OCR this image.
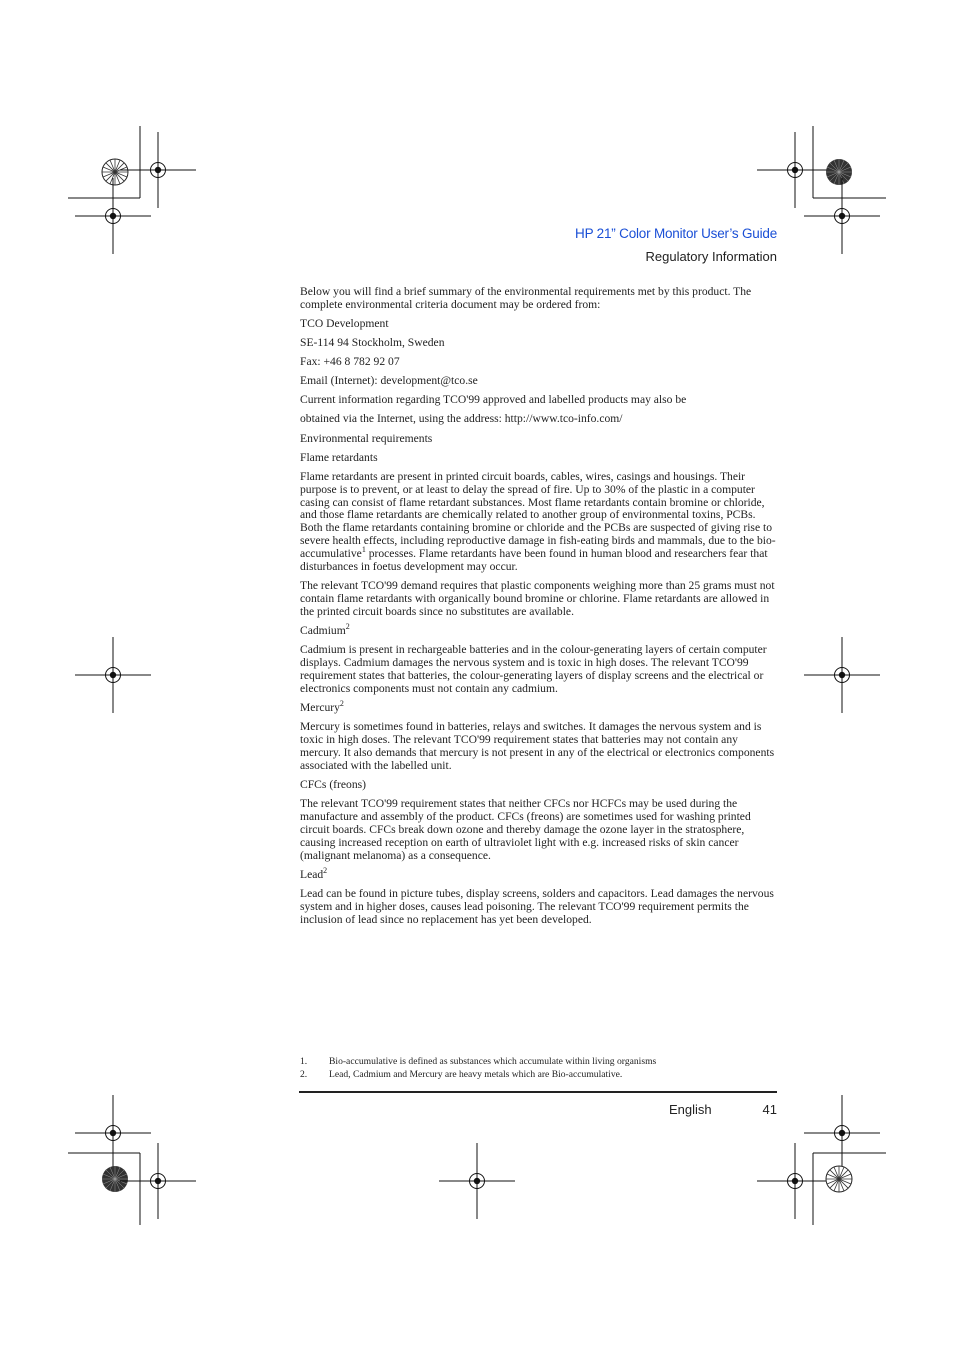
HP 21” Color Monitor User’s Guide
Regulatory Information

Below you will find a brief summary of the environmental requirements met by this product. The complete environmental criteria document may be ordered from:

TCO Development

SE-114 94 Stockholm, Sweden

Fax: +46 8 782 92 07

Email (Internet): development@tco.se

Current information regarding TCO'99 approved and labelled products may also be

obtained via the Internet, using the address: http://www.tco-info.com/

Environmental requirements

Flame retardants

Flame retardants are present in printed circuit boards, cables, wires, casings and housings. Their purpose is to prevent, or at least to delay the spread of fire. Up to 30% of the plastic in a computer casing can consist of flame retardant substances. Most flame retardants contain bromine or chloride, and those flame retardants are chemically related to another group of environmental toxins, PCBs. Both the flame retardants containing bromine or chloride and the PCBs are suspected of giving rise to severe health effects, including reproductive damage in fish-eating birds and mammals, due to the bio-accumulative$^1$ processes. Flame retardants have been found in human blood and researchers fear that disturbances in foetus development may occur.

The relevant TCO'99 demand requires that plastic components weighing more than 25 grams must not contain flame retardants with organically bound bromine or chlorine. Flame retardants are allowed in the printed circuit boards since no substitutes are available.

Cadmium$^2$

Cadmium is present in rechargeable batteries and in the colour-generating layers of certain computer displays. Cadmium damages the nervous system and is toxic in high doses. The relevant TCO'99 requirement states that batteries, the colour-generating layers of display screens and the electrical or electronics components must not contain any cadmium.

Mercury$^2$

Mercury is sometimes found in batteries, relays and switches. It damages the nervous system and is toxic in high doses. The relevant TCO'99 requirement states that batteries may not contain any mercury. It also demands that mercury is not present in any of the electrical or electronics components associated with the labelled unit.

CFCs (freons)

The relevant TCO'99 requirement states that neither CFCs nor HCFCs may be used during the manufacture and assembly of the product. CFCs (freons) are sometimes used for washing printed circuit boards. CFCs break down ozone and thereby damage the ozone layer in the stratosphere, causing increased reception on earth of ultraviolet light with e.g. increased risks of skin cancer (malignant melanoma) as a consequence.

Lead$^2$

Lead can be found in picture tubes, display screens, solders and capacitors. Lead damages the nervous system and in higher doses, causes lead poisoning. The relevant TCO'99 requirement permits the inclusion of lead since no replacement has yet been developed.

1.	Bio-accumulative is defined as substances which accumulate within living organisms
2.	Lead, Cadmium and Mercury are heavy metals which are Bio-accumulative.
English	41
